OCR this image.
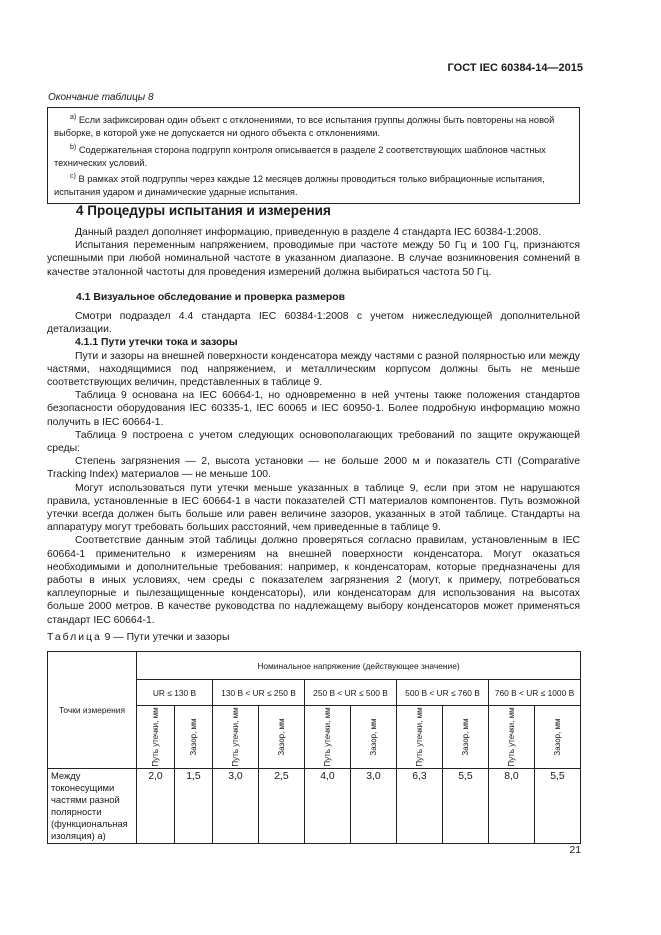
ГОСТ IEC 60384-14—2015
Окончание таблицы 8

$^{a)}$ Если зафиксирован один объект с отклонениями, то все испытания группы должны быть повторены на новой выборке, в которой уже не допускается ни одного объекта с отклонениями.

$^{b)}$ Содержательная сторона подгрупп контроля описывается в разделе 2 соответствующих шаблонов частных технических условий.

$^{c)}$ В рамках этой подгруппы через каждые 12 месяцев должны проводиться только вибрационные испытания, испытания ударом и динамические ударные испытания.

4 Процедуры испытания и измерения

Данный раздел дополняет информацию, приведенную в разделе 4 стандарта IEC 60384-1:2008.

Испытания переменным напряжением, проводимые при частоте между 50 Гц и 100 Гц, признаются успешными при любой номинальной частоте в указанном диапазоне. В случае возникновения сомнений в качестве эталонной частоты для проведения измерений должна выбираться частота 50 Гц.

4.1 Визуальное обследование и проверка размеров

Смотри подраздел 4.4 стандарта IEC 60384-1:2008 с учетом нижеследующей дополнительной детализации.

4.1.1 Пути утечки тока и зазоры

Пути и зазоры на внешней поверхности конденсатора между частями с разной полярностью или между частями, находящимися под напряжением, и металлическим корпусом должны быть не меньше соответствующих величин, представленных в таблице 9.

Таблица 9 основана на IEC 60664-1, но одновременно в ней учтены также положения стандартов безопасности оборудования IEC 60335-1, IEC 60065 и IEC 60950-1. Более подробную информацию можно получить в IEC 60664-1.

Таблица 9 построена с учетом следующих основополагающих требований по защите окружающей среды:

Степень загрязнения — 2, высота установки — не больше 2000 м и показатель CTI (Comparative Tracking Index) материалов — не меньше 100.

Могут использоваться пути утечки меньше указанных в таблице 9, если при этом не нарушаются правила, установленные в IEC 60664-1 в части показателей CTI материалов компонентов. Путь возможной утечки всегда должен быть больше или равен величине зазоров, указанных в этой таблице. Стандарты на аппаратуру могут требовать больших расстояний, чем приведенные в таблице 9.

Соответствие данным этой таблицы должно проверяться согласно правилам, установленным в IEC 60664-1 применительно к измерениям на внешней поверхности конденсатора. Могут оказаться необходимыми и дополнительные требования: например, к конденсаторам, которые предназначены для работы в иных условиях, чем среды с показателем загрязнения 2 (могут, к примеру, потребоваться каплеупорные и пылезащищенные конденсаторы), или конденсаторам для использования на высотах больше 2000 метров. В качестве руководства по надлежащему выбору конденсаторов может применяться стандарт IEC 60664-1.

Таблица 9 — Пути утечки и зазоры
Точки измерения	Номинальное напряжение (действующее значение)									
	UR ≤ 130 В		130 В < UR ≤ 250 В		250 В < UR ≤ 500 В		500 В < UR ≤ 760 В		760 В < UR ≤ 1000 В	

	Путь утечки, мм	Зазор, мм	Путь утечки, мм	Зазор, мм	Путь утечки, мм	Зазор, мм	Путь утечки, мм	Зазор, мм	Путь утечки, мм	Зазор, мм

Между токонесущими частями разной полярности (функциональная изоляция) a)	2,0	1,5	3,0	2,5	4,0	3,0	6,3	5,5	8,0	5,5
21
